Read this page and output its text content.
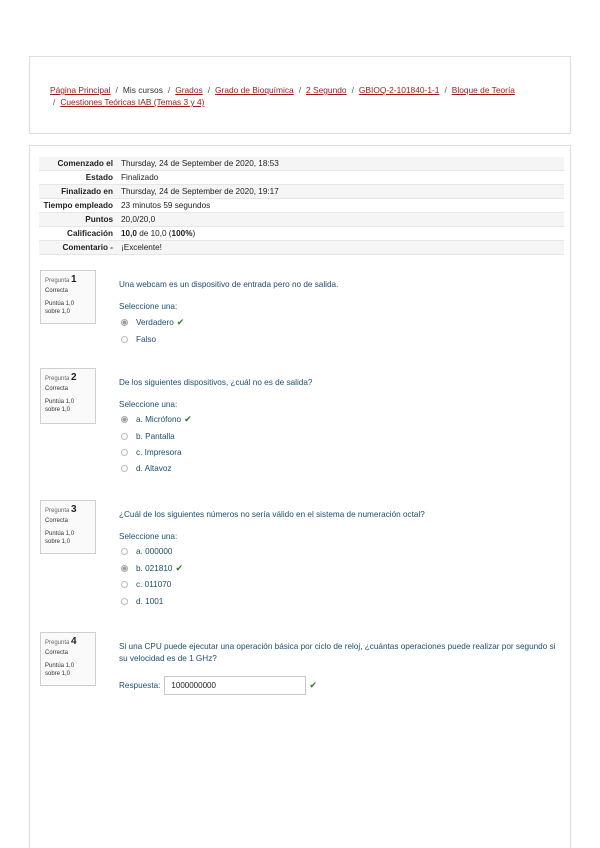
Página Principal / Mis cursos / Grados / Grado de Bioquímica / 2 Segundo / GBIOQ-2-101840-1-1 / Bloque de Teoría
/ Cuestiones Teóricas IAB (Temas 3 y 4)
Comenzado el	Thursday, 24 de September de 2020, 18:53
Estado	Finalizado
Finalizado en	Thursday, 24 de September de 2020, 19:17
Tiempo empleado	23 minutos 59 segundos
Puntos	20,0/20,0
Calificación	10,0 de 10,0 (100%)
Comentario -	¡Excelente!
Pregunta 1
Correcta
Puntúa 1,0
sobre 1,0
Una webcam es un dispositivo de entrada pero no de salida.
Seleccione una:
Verdadero ✔
Falso
Pregunta 2
Correcta
Puntúa 1,0
sobre 1,0
De los siguientes dispositivos, ¿cuál no es de salida?
Seleccione una:
a. Micrófono ✔
b. Pantalla
c. Impresora
d. Altavoz
Pregunta 3
Correcta
Puntúa 1,0
sobre 1,0
¿Cuál de los siguientes números no sería válido en el sistema de numeración octal?
Seleccione una:
a. 000000
b. 021810 ✔
c. 011070
d. 1001
Pregunta 4
Correcta
Puntúa 1,0
sobre 1,0
Si una CPU puede ejecutar una operación básica por ciclo de reloj, ¿cuántas operaciones puede realizar por segundo si su velocidad es de 1 GHz?
Respuesta:	1000000000	✔
